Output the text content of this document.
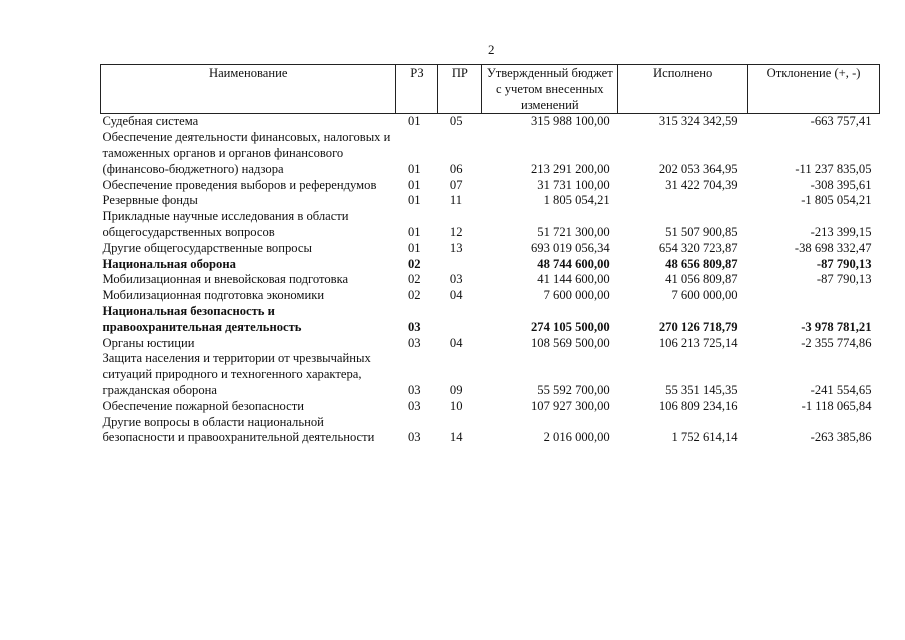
2
Наименование	РЗ	ПР	Утвержденный бюджет с учетом внесенных изменений	Исполнено	Отклонение (+, -)
Судебная система	01	05	315 988 100,00	315 324 342,59	-663 757,41
Обеспечение деятельности финансовых, налоговых и таможенных органов и органов финансового (финансово-бюджетного) надзора	01	06	213 291 200,00	202 053 364,95	-11 237 835,05
Обеспечение проведения выборов и референдумов	01	07	31 731 100,00	31 422 704,39	-308 395,61
Резервные фонды	01	11	1 805 054,21		-1 805 054,21
Прикладные научные исследования в области общегосударственных вопросов	01	12	51 721 300,00	51 507 900,85	-213 399,15
Другие общегосударственные вопросы	01	13	693 019 056,34	654 320 723,87	-38 698 332,47
Национальная оборона	02		48 744 600,00	48 656 809,87	-87 790,13
Мобилизационная и вневойсковая подготовка	02	03	41 144 600,00	41 056 809,87	-87 790,13
Мобилизационная подготовка экономики	02	04	7 600 000,00	7 600 000,00	
Национальная безопасность и правоохранительная деятельность	03		274 105 500,00	270 126 718,79	-3 978 781,21
Органы юстиции	03	04	108 569 500,00	106 213 725,14	-2 355 774,86
Защита населения и территории от чрезвычайных ситуаций природного и техногенного характера, гражданская оборона	03	09	55 592 700,00	55 351 145,35	-241 554,65
Обеспечение пожарной безопасности	03	10	107 927 300,00	106 809 234,16	-1 118 065,84
Другие вопросы в области национальной безопасности и правоохранительной деятельности	03	14	2 016 000,00	1 752 614,14	-263 385,86
